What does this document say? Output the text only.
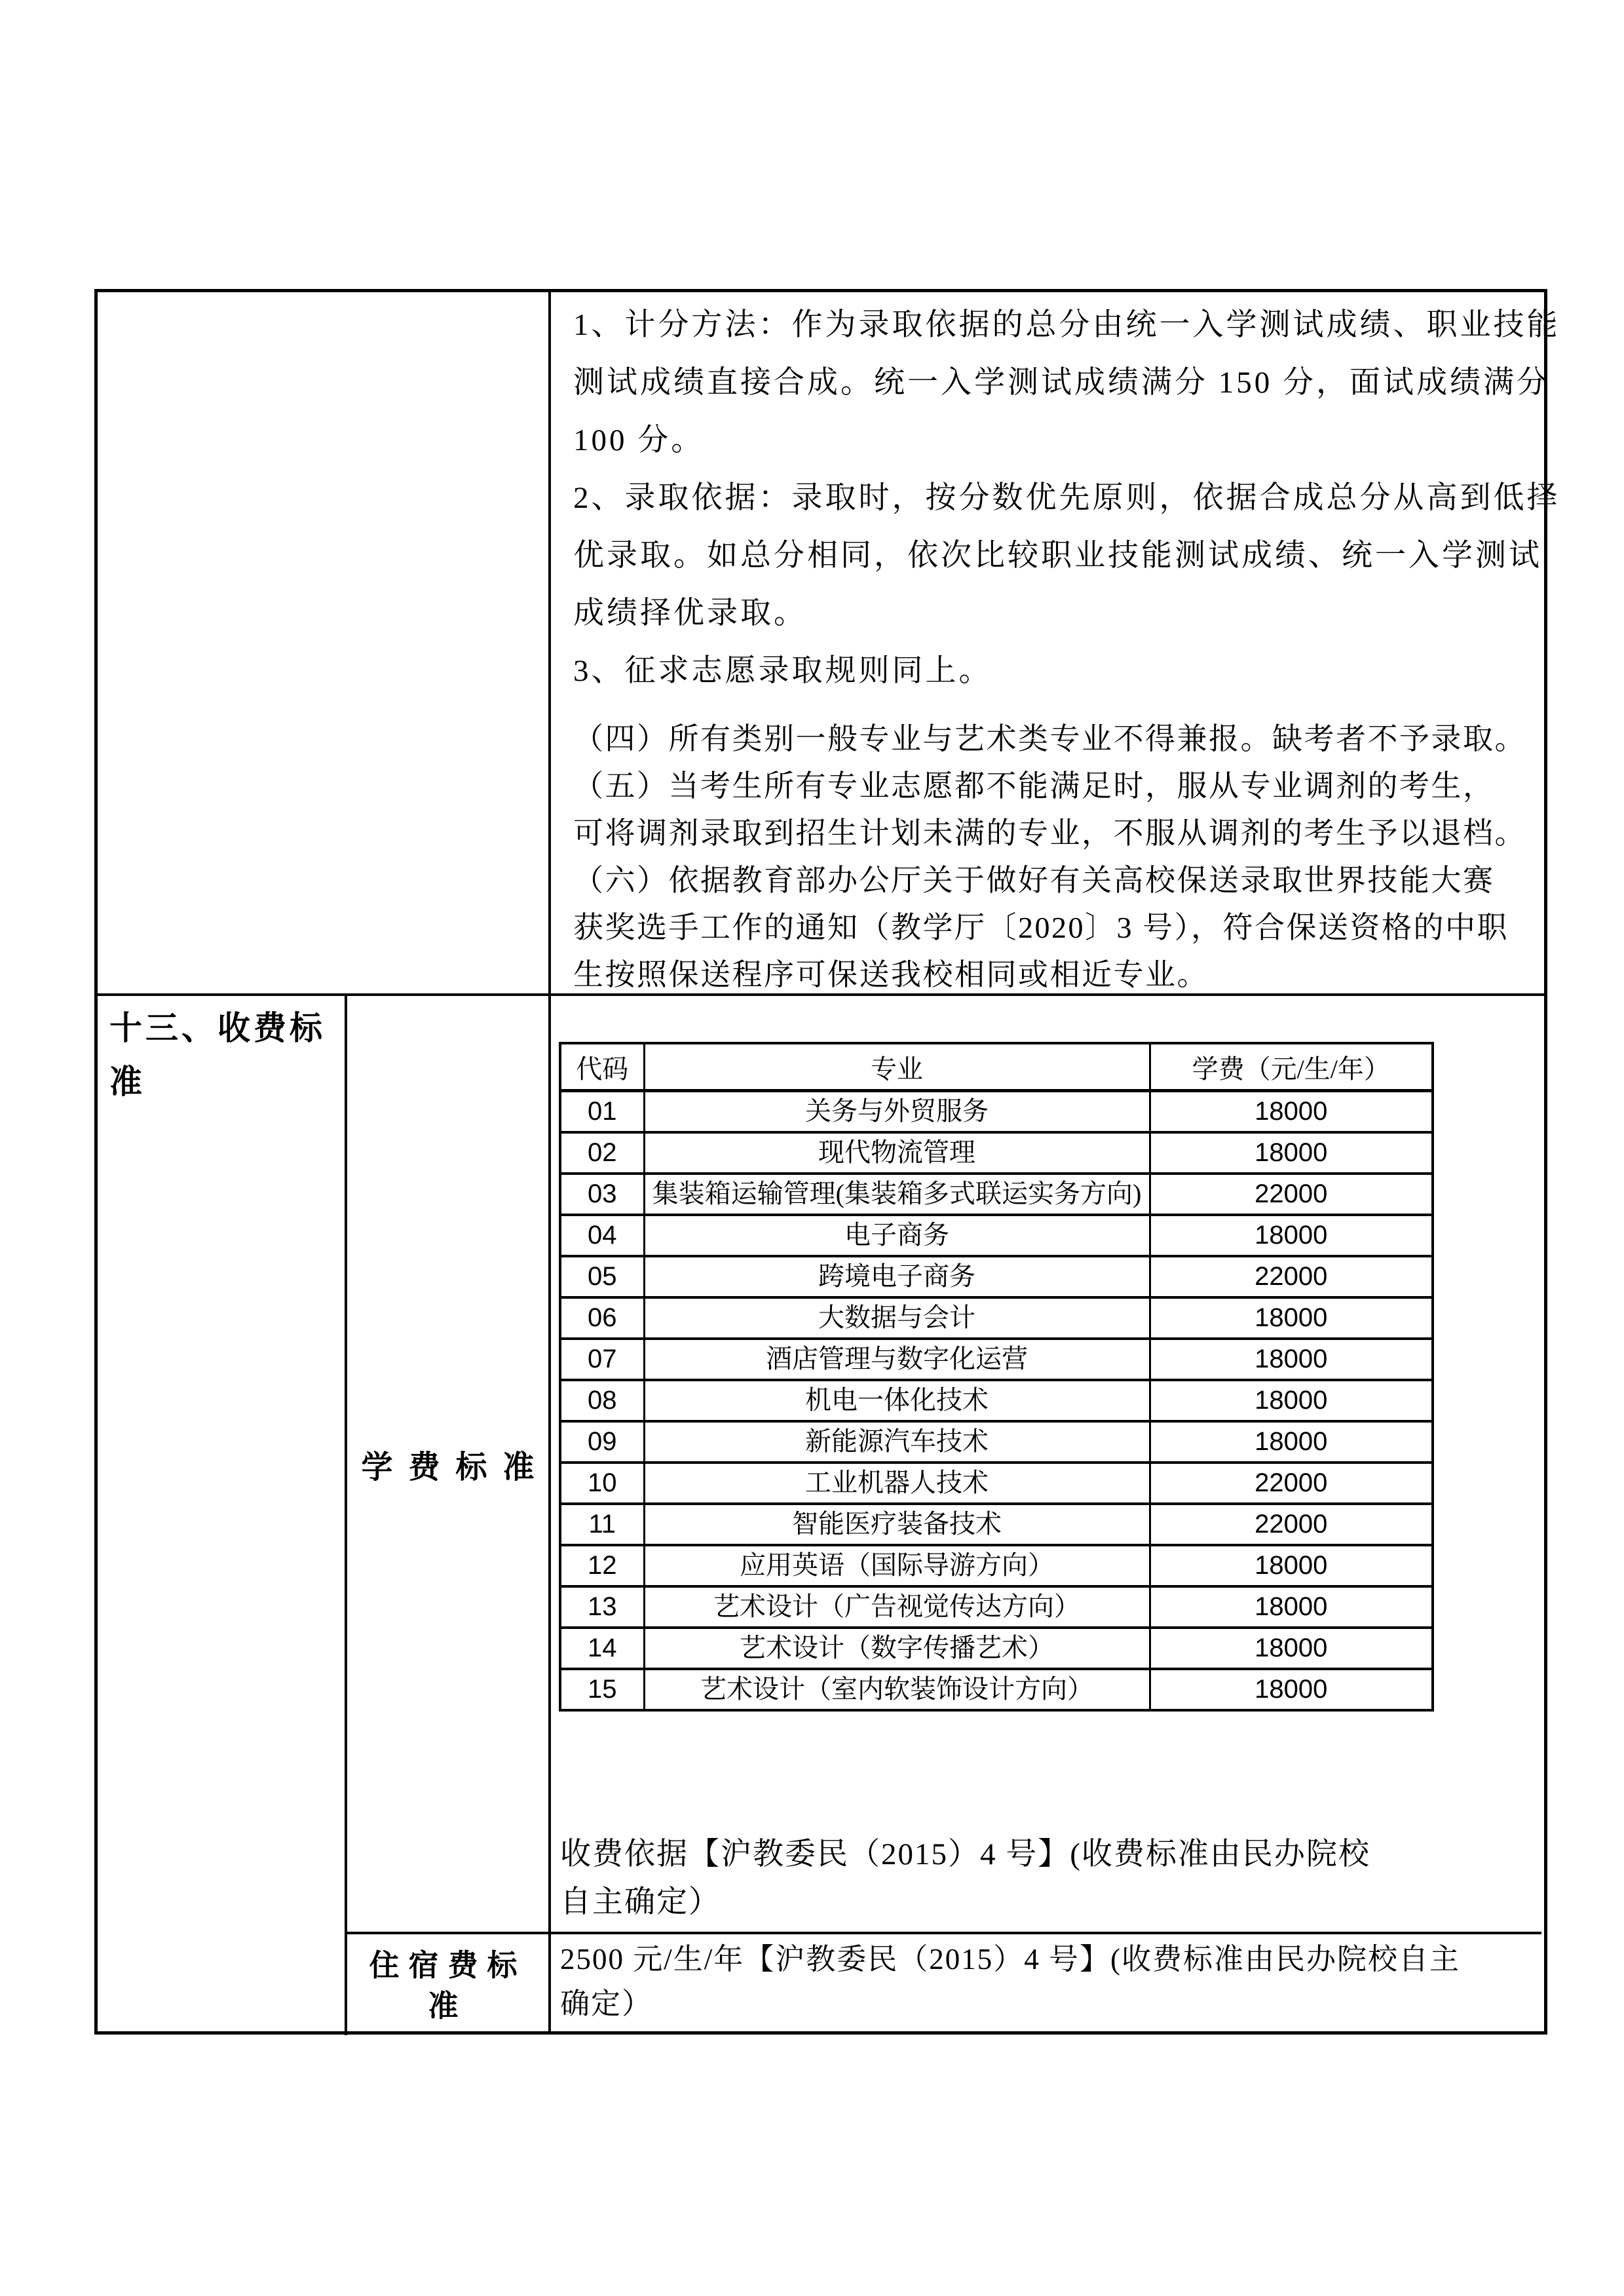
1、计分方法：作为录取依据的总分由统一入学测试成绩、职业技能
测试成绩直接合成。统一入学测试成绩满分 150 分，面试成绩满分
100 分。
2、录取依据：录取时，按分数优先原则，依据合成总分从高到低择
优录取。如总分相同，依次比较职业技能测试成绩、统一入学测试
成绩择优录取。
3、征求志愿录取规则同上。
（四）所有类别一般专业与艺术类专业不得兼报。缺考者不予录取。
（五）当考生所有专业志愿都不能满足时，服从专业调剂的考生，
可将调剂录取到招生计划未满的专业，不服从调剂的考生予以退档。
（六）依据教育部办公厅关于做好有关高校保送录取世界技能大赛
获奖选手工作的通知（教学厅〔2020〕3 号），符合保送资格的中职
生按照保送程序可保送我校相同或相近专业。
十三、收费标准
学费标准
住宿费标准
代码	专业	学费（元/生/年）
01	关务与外贸服务	18000
02	现代物流管理	18000
03	集装箱运输管理(集装箱多式联运实务方向)	22000
04	电子商务	18000
05	跨境电子商务	22000
06	大数据与会计	18000
07	酒店管理与数字化运营	18000
08	机电一体化技术	18000
09	新能源汽车技术	18000
10	工业机器人技术	22000
11	智能医疗装备技术	22000
12	应用英语（国际导游方向）	18000
13	艺术设计（广告视觉传达方向）	18000
14	艺术设计（数字传播艺术）	18000
15	艺术设计（室内软装饰设计方向）	18000
收费依据【沪教委民（2015）4 号】(收费标准由民办院校
自主确定）
2500 元/生/年【沪教委民（2015）4 号】(收费标准由民办院校自主
确定）
